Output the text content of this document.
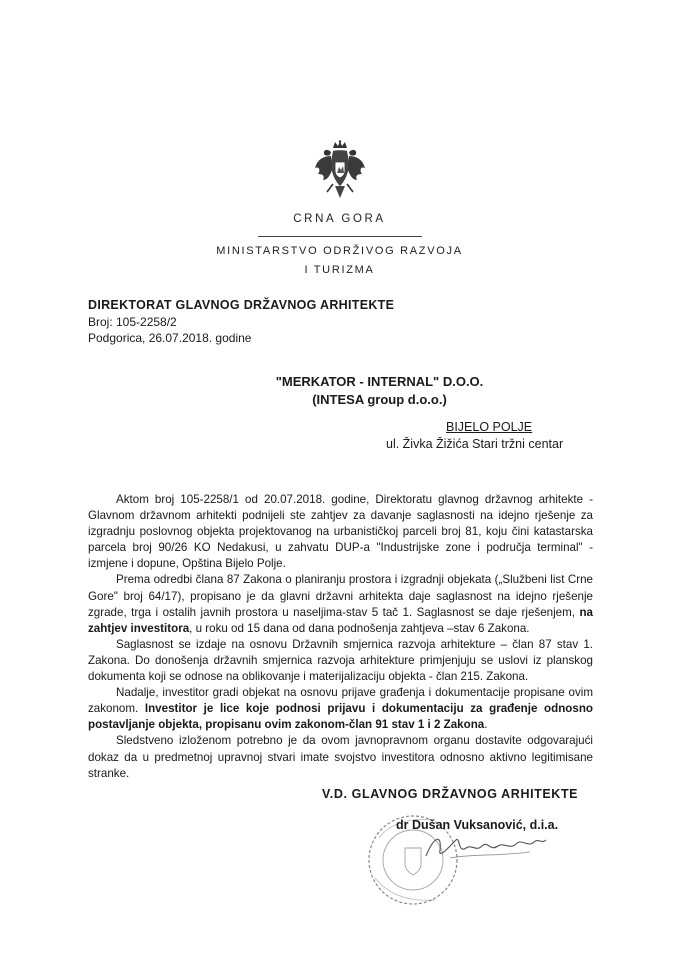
CRNA GORA
MINISTARSTVO ODRŽIVOG RAZVOJA
I TURIZMA
DIREKTORAT GLAVNOG DRŽAVNOG ARHITEKTE
Broj: 105-2258/2
Podgorica, 26.07.2018. godine
"MERKATOR - INTERNAL" D.O.O.
(INTESA group d.o.o.)
BIJELO POLJE
ul. Živka Žižića Stari tržni centar

Aktom broj 105-2258/1 od 20.07.2018. godine, Direktoratu glavnog državnog arhitekte - Glavnom državnom arhitekti podnijeli ste zahtjev za davanje saglasnosti na idejno rješenje za izgradnju poslovnog objekta projektovanog na urbanističkoj parceli broj 81, koju čini katastarska parcela broj 90/26 KO Nedakusi, u zahvatu DUP-a "Industrijske zone i područja terminal" - izmjene i dopune, Opština Bijelo Polje.

Prema odredbi člana 87 Zakona o planiranju prostora i izgradnji objekata („Službeni list Crne Gore" broj 64/17), propisano je da glavni državni arhitekta daje saglasnost na idejno rješenje zgrade, trga i ostalih javnih prostora u naseljima-stav 5 tač 1. Saglasnost se daje rješenjem, na zahtjev investitora, u roku od 15 dana od dana podnošenja zahtjeva –stav 6 Zakona.

Saglasnost se izdaje na osnovu Državnih smjernica razvoja arhitekture – član 87 stav 1. Zakona. Do donošenja državnih smjernica razvoja arhitekture primjenjuju se uslovi iz planskog dokumenta koji se odnose na oblikovanje i materijalizaciju objekta - član 215. Zakona.

Nadalje, investitor gradi objekat na osnovu prijave građenja i dokumentacije propisane ovim zakonom. Investitor je lice koje podnosi prijavu i dokumentaciju za građenje odnosno postavljanje objekta, propisanu ovim zakonom-član 91 stav 1 i 2 Zakona.

Sledstveno izloženom potrebno je da ovom javnopravnom organu dostavite odgovarajući dokaz da u predmetnoj upravnoj stvari imate svojstvo investitora odnosno aktivno legitimisane stranke.

V.D. GLAVNOG DRŽAVNOG ARHITEKTE
dr Dušan Vuksanović, d.i.a.
